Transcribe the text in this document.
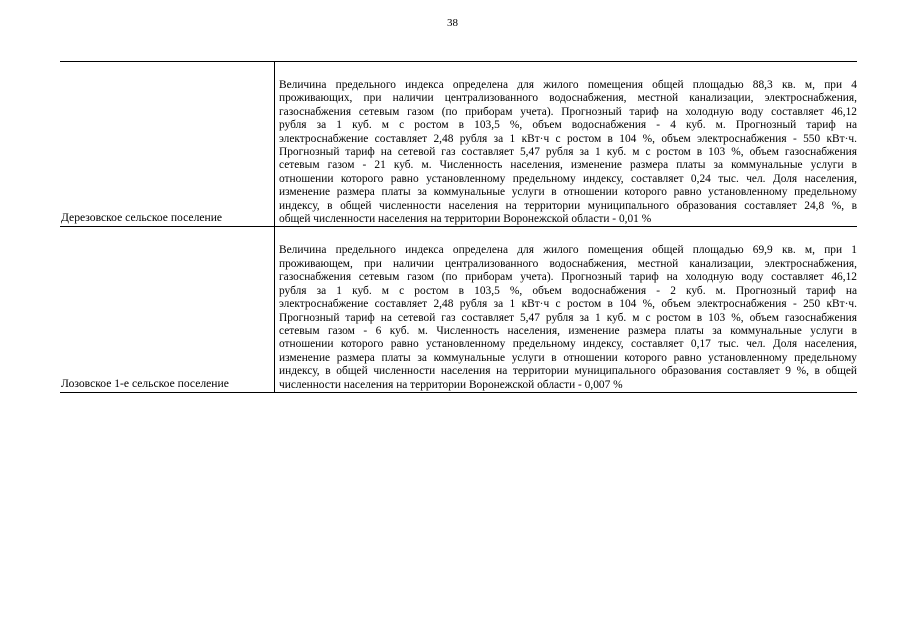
38
Дерезовское сельское поселение
Величина предельного индекса определена для жилого помещения общей площадью 88,3 кв. м, при 4
проживающих, при наличии централизованного водоснабжения, местной канализации, электроснабжения,
газоснабжения сетевым газом (по приборам учета). Прогнозный тариф на холодную воду составляет 46,12
рубля за 1 куб. м с ростом в 103,5 %, объем водоснабжения - 4 куб. м. Прогнозный тариф на
электроснабжение составляет 2,48 рубля за 1 кВт·ч с ростом в 104 %, объем электроснабжения - 550 кВт·ч.
Прогнозный тариф на сетевой газ составляет 5,47 рубля за 1 куб. м с ростом в 103 %, объем газоснабжения
сетевым газом - 21 куб. м. Численность населения, изменение размера платы за коммунальные услуги в
отношении которого равно установленному предельному индексу, составляет 0,24 тыс. чел. Доля населения,
изменение размера платы за коммунальные услуги в отношении которого равно установленному предельному
индексу, в общей численности населения на территории муниципального образования составляет 24,8 %, в
общей численности населения на территории Воронежской области - 0,01 %
Лозовское 1-е сельское поселение
Величина предельного индекса определена для жилого помещения общей площадью 69,9 кв. м, при 1
проживающем, при наличии централизованного водоснабжения, местной канализации, электроснабжения,
газоснабжения сетевым газом (по приборам учета). Прогнозный тариф на холодную воду составляет 46,12
рубля за 1 куб. м с ростом в 103,5 %, объем водоснабжения - 2 куб. м. Прогнозный тариф на
электроснабжение составляет 2,48 рубля за 1 кВт·ч с ростом в 104 %, объем электроснабжения - 250 кВт·ч.
Прогнозный тариф на сетевой газ составляет 5,47 рубля за 1 куб. м с ростом в 103 %, объем газоснабжения
сетевым газом - 6 куб. м. Численность населения, изменение размера платы за коммунальные услуги в
отношении которого равно установленному предельному индексу, составляет 0,17 тыс. чел. Доля населения,
изменение размера платы за коммунальные услуги в отношении которого равно установленному предельному
индексу, в общей численности населения на территории муниципального образования составляет 9 %, в общей
численности населения на территории Воронежской области - 0,007 %
